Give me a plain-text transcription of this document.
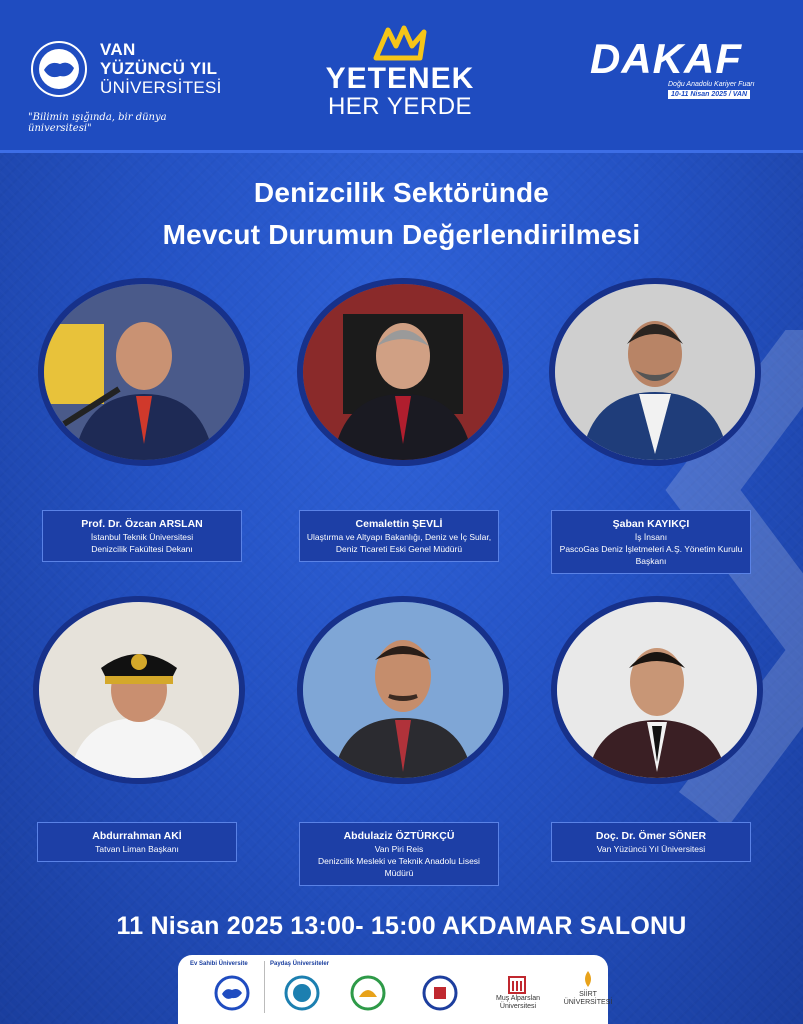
VAN
YÜZÜNCÜ YIL
ÜNİVERSİTESİ
"Bilimin ışığında, bir dünya üniversitesi"
YETENEK
HER YERDE
DAKAF
Doğu Anadolu Kariyer Fuarı
10-11 Nisan 2025 / VAN
Denizcilik Sektöründe
Mevcut Durumun Değerlendirilmesi
Prof. Dr. Özcan ARSLAN
İstanbul Teknik Üniversitesi
Denizcilik Fakültesi Dekanı
Cemalettin ŞEVLİ
Ulaştırma ve Altyapı Bakanlığı, Deniz ve İç Sular,
Deniz Ticareti Eski Genel Müdürü
Şaban KAYIKÇI
İş İnsanı
PascoGas Deniz İşletmeleri A.Ş. Yönetim Kurulu Başkanı
Abdurrahman AKİ
Tatvan Liman Başkanı
Abdulaziz ÖZTÜRKÇÜ
Van Piri Reis
Denizcilik Mesleki ve Teknik Anadolu Lisesi Müdürü
Doç. Dr. Ömer SÖNER
Van Yüzüncü Yıl Üniversitesi
11 Nisan 2025 13:00- 15:00 AKDAMAR SALONU
Ev Sahibi Üniversite	Paydaş Üniversiteler
Muş Alparslan
Üniversitesi
SİİRT
ÜNİVERSİTESİ
